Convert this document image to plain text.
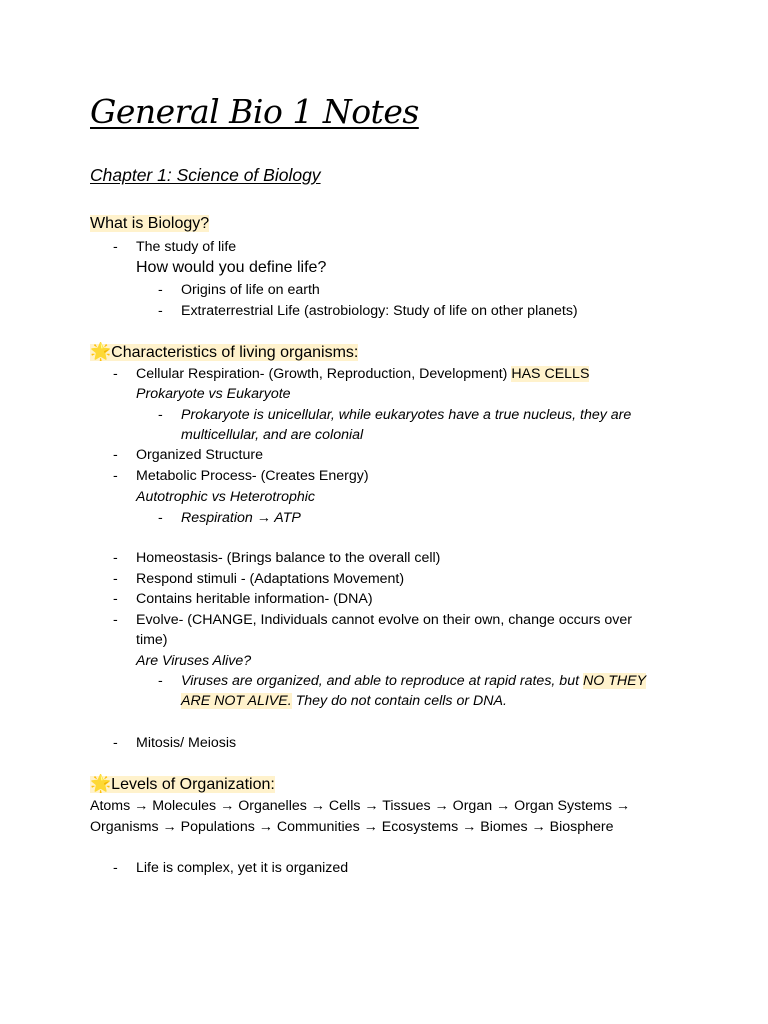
General Bio 1 Notes
Chapter 1: Science of Biology
What is Biology?
- The study of life
How would you define life?
- Origins of life on earth
- Extraterrestrial Life (astrobiology: Study of life on other planets)
🌟Characteristics of living organisms:
- Cellular Respiration- (Growth, Reproduction, Development) HAS CELLS
Prokaryote vs Eukaryote
- Prokaryote is unicellular, while eukaryotes have a true nucleus, they are
multicellular, and are colonial
- Organized Structure
- Metabolic Process- (Creates Energy)
Autotrophic vs Heterotrophic
- Respiration → ATP
- Homeostasis- (Brings balance to the overall cell)
- Respond stimuli - (Adaptations Movement)
- Contains heritable information- (DNA)
- Evolve- (CHANGE, Individuals cannot evolve on their own, change occurs over
time)
Are Viruses Alive?
- Viruses are organized, and able to reproduce at rapid rates, but NO THEY
ARE NOT ALIVE. They do not contain cells or DNA.
- Mitosis/ Meiosis
🌟Levels of Organization:
Atoms → Molecules → Organelles → Cells → Tissues → Organ → Organ Systems →
Organisms → Populations → Communities → Ecosystems → Biomes → Biosphere
- Life is complex, yet it is organized
